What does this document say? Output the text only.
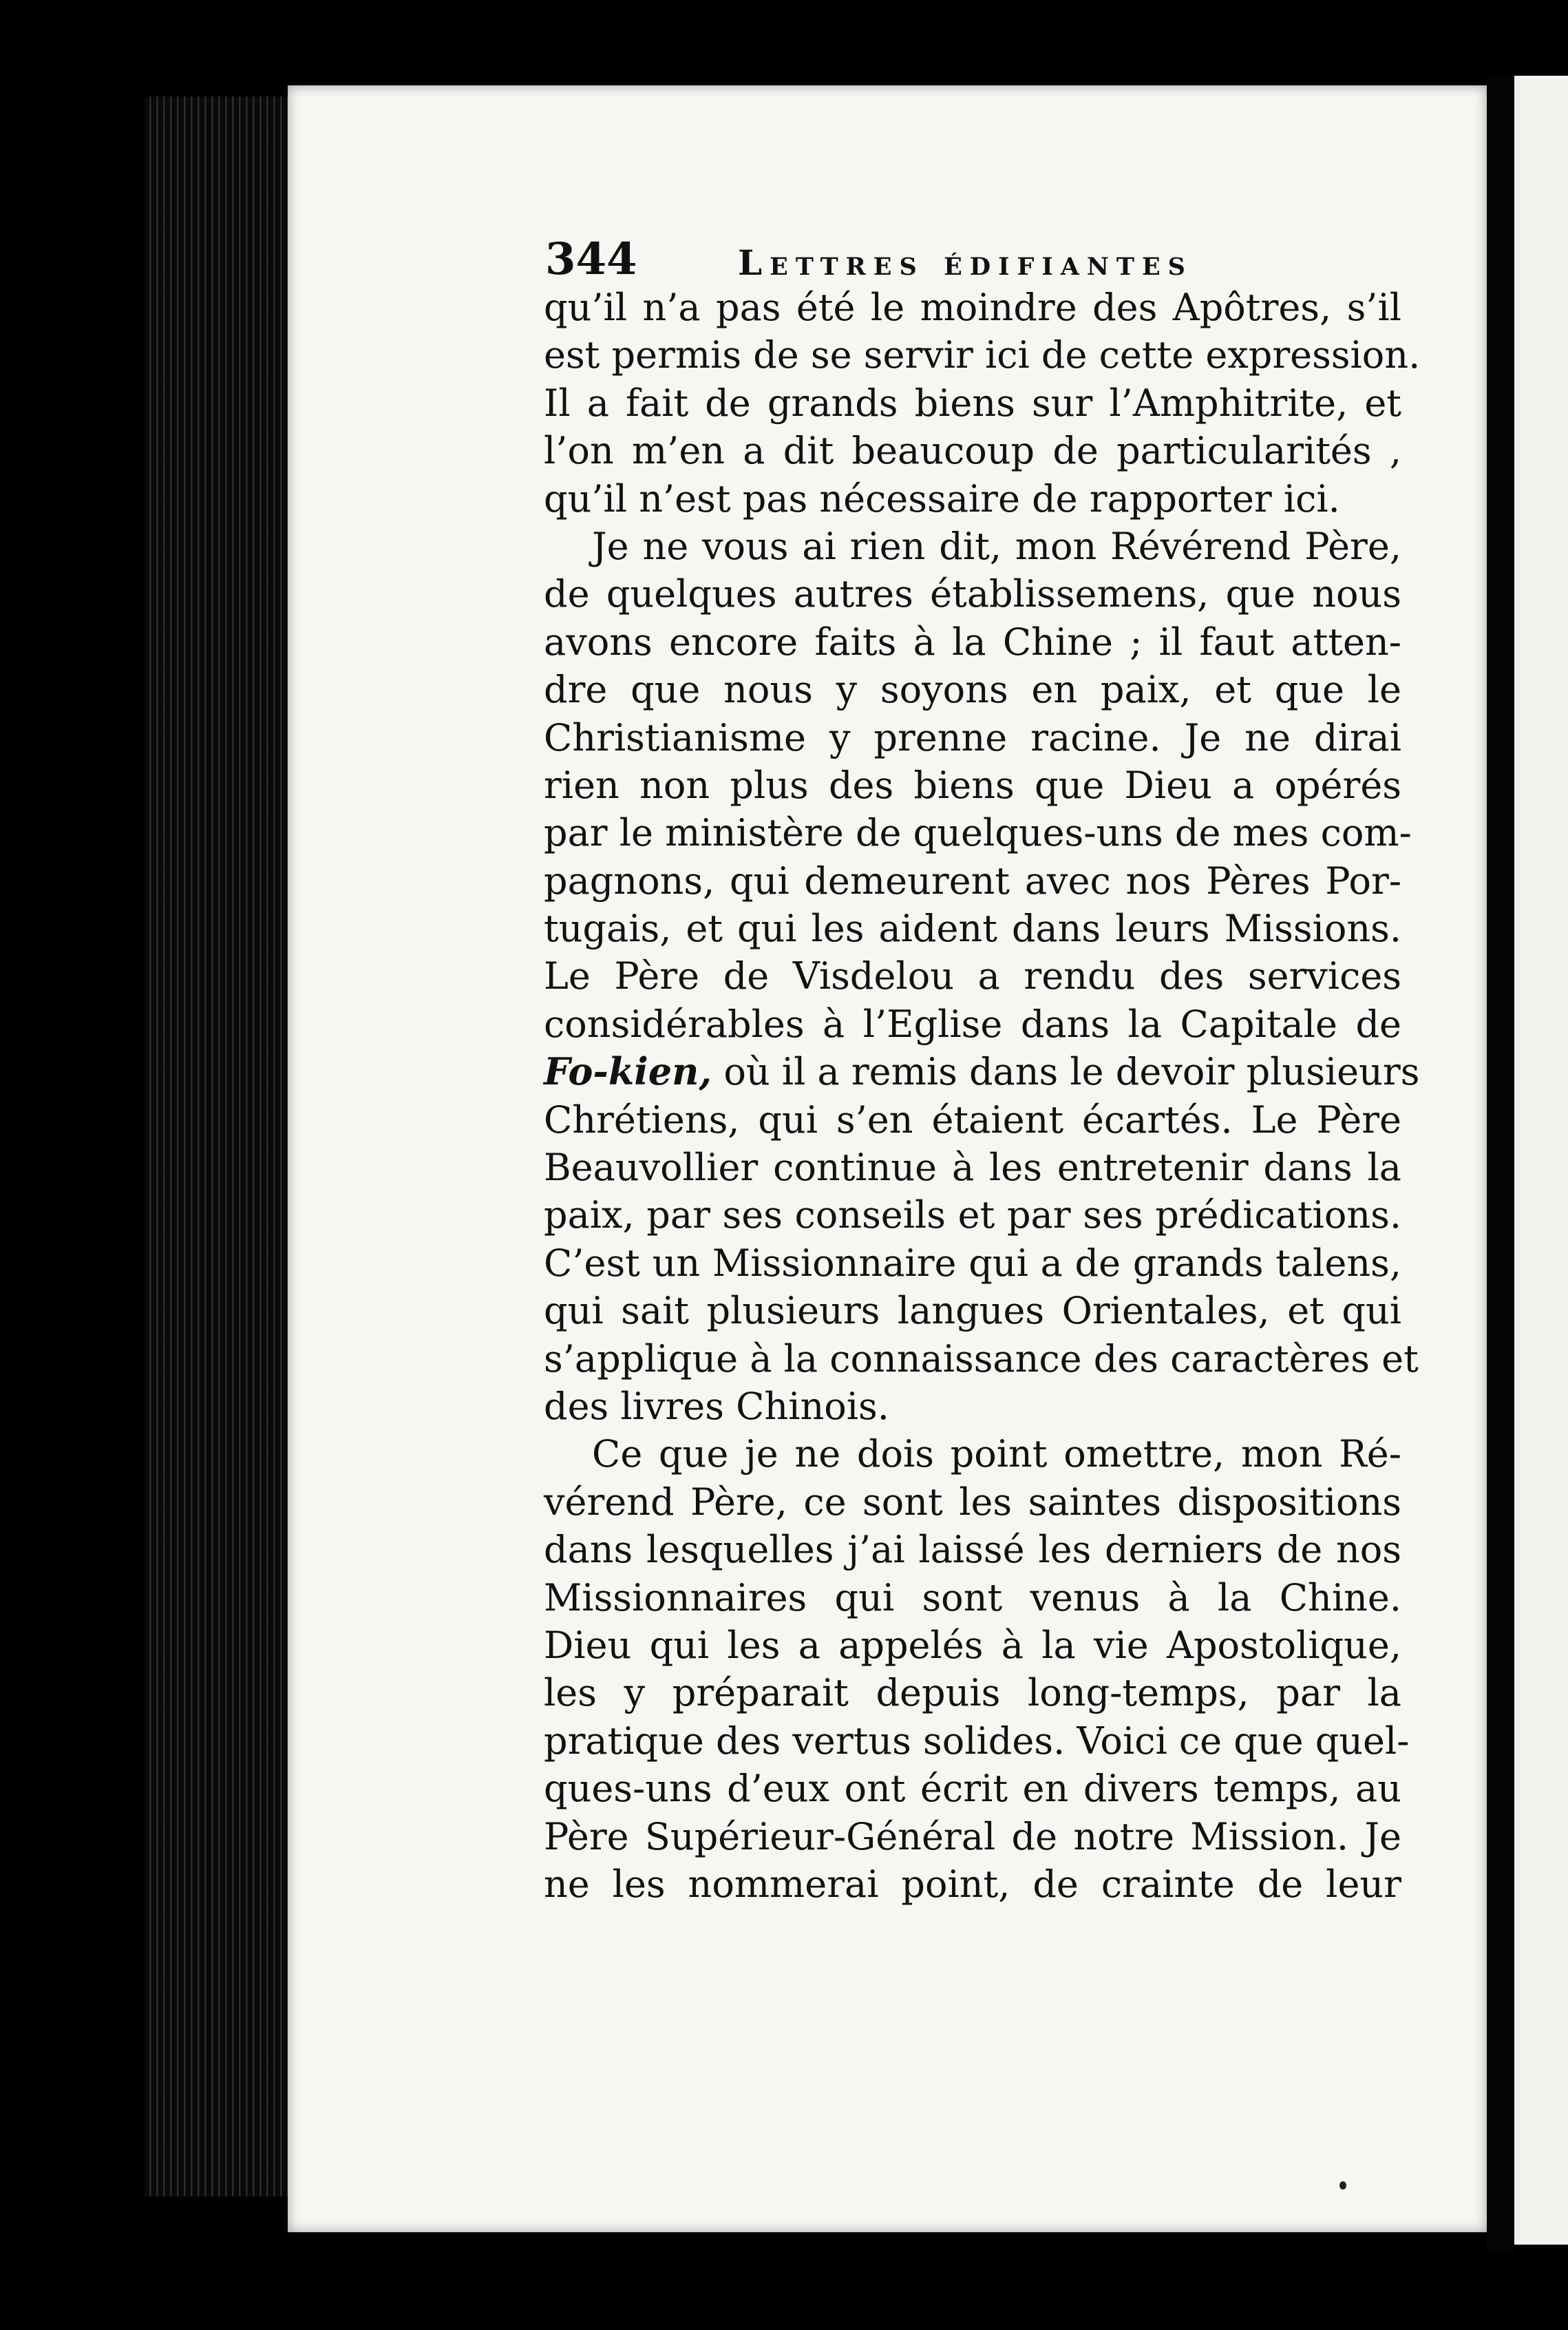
344	Lettres édifiantes
qu’il n’a pas été le moindre des Apôtres, s’il
est permis de se servir ici de cette expression.
Il a fait de grands biens sur l’Amphitrite, et
l’on m’en a dit beaucoup de particularités ,
qu’il n’est pas nécessaire de rapporter ici.
Je ne vous ai rien dit, mon Révérend Père,
de quelques autres établissemens, que nous
avons encore faits à la Chine ; il faut atten-
dre que nous y soyons en paix, et que le
Christianisme y prenne racine. Je ne dirai
rien non plus des biens que Dieu a opérés
par le ministère de quelques-uns de mes com-
pagnons, qui demeurent avec nos Pères Por-
tugais, et qui les aident dans leurs Missions.
Le Père de Visdelou a rendu des services
considérables à l’Eglise dans la Capitale de
Fo-kien, où il a remis dans le devoir plusieurs
Chrétiens, qui s’en étaient écartés. Le Père
Beauvollier continue à les entretenir dans la
paix, par ses conseils et par ses prédications.
C’est un Missionnaire qui a de grands talens,
qui sait plusieurs langues Orientales, et qui
s’applique à la connaissance des caractères et
des livres Chinois.
Ce que je ne dois point omettre, mon Ré-
vérend Père, ce sont les saintes dispositions
dans lesquelles j’ai laissé les derniers de nos
Missionnaires qui sont venus à la Chine.
Dieu qui les a appelés à la vie Apostolique,
les y préparait depuis long-temps, par la
pratique des vertus solides. Voici ce que quel-
ques-uns d’eux ont écrit en divers temps, au
Père Supérieur-Général de notre Mission. Je
ne les nommerai point, de crainte de leur
